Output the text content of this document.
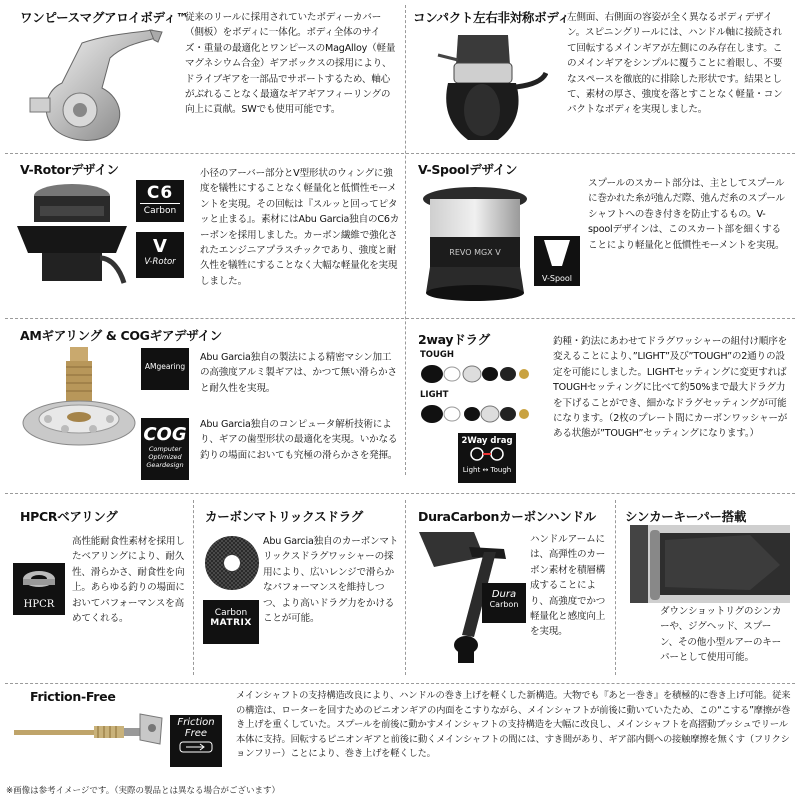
ワンピースマグアロイボディ™
従来のリールに採用されていたボディーカバー（側板）をボディに一体化。ボディ全体のサイズ・重量の最適化とワンピースのMagAlloy（軽量マグネシウム合金）ギアボックスの採用により、ドライブギアを一部品でサポートするため、軸心がぶれることなく最適なギアギアフィーリングの向上に貢献。SWでも使用可能です。
コンパクト左右非対称ボディ
左側面、右側面の容姿が全く異なるボディデザイン。スピニングリールには、ハンドル軸に接続されて回転するメインギアが左側にのみ存在します。このメインギアをシンプルに覆うことに着眼し、不要なスペースを徹底的に排除した形状です。結果として、素材の厚さ、強度を落とすことなく軽量・コンパクトなボディを実現しました。
V-Rotorデザイン
C6
Carbon
V
V-Rotor
小径のアーバー部分とV型形状のウィングに強度を犠牲にすることなく軽量化と低慣性モーメントを実現。その回転は『スルッと回ってピタッと止まる』。素材にはAbu Garcia独自のC6カーボンを採用しました。カーボン繊維で強化されたエンジニアプラスチックであり、強度と耐久性を犠牲にすることなく大幅な軽量化を実現しました。
V-Spoolデザイン
REVO MGX V
V-Spool
スプールのスカート部分は、主としてスプールに巻かれた糸が弛んだ際、弛んだ糸のスプールシャフトへの巻き付きを防止するもの。V-spoolデザインは、このスカート部を細くすることにより軽量化と低慣性モーメントを実現。
AMギアリング & COGギアデザイン
AMgearing
COG
Computer Optimized Geardesign
Abu Garcia独自の製法による精密マシン加工の高強度アルミ製ギアは、かつて無い滑らかさと耐久性を実現。
Abu Garcia独自のコンピュータ解析技術により、ギアの歯型形状の最適化を実現。いかなる釣りの場面においても究極の滑らかさを発揮。
2wayドラグ
TOUGH
LIGHT
2Way drag
Light ↔ Tough
釣種・釣法にあわせてドラグワッシャーの組付け順序を変えることにより、”LIGHT”及び”TOUGH”の2通りの設定を可能にしました。LIGHTセッティングに変更すればTOUGHセッティングに比べて約50%まで最大ドラグ力を下げることができ、細かなドラグセッティングが可能になります。（2枚のプレート間にカーボンワッシャーがある状態が”TOUGH”セッティングになります。）
HPCRベアリング
HPCR
高性能耐食性素材を採用したベアリングにより、耐久性、滑らかさ、耐食性を向上。あらゆる釣りの場面においてパフォーマンスを高めてくれる。
カーボンマトリックスドラグ
Carbon
MATRIX
Abu Garcia独自のカーボンマトリックスドラグワッシャーの採用により、広いレンジで滑らかなパフォーマンスを維持しつつ、より高いドラグ力をかけることが可能。
DuraCarbonカーボンハンドル
Dura
Carbon
ハンドルアームには、高弾性のカーボン素材を積層構成することにより、高強度でかつ軽量化と感度向上を実現。
シンカーキーパー搭載
ダウンショットリグのシンカーや、ジグヘッド、スプーン、その他小型ルアーのキーパーとして使用可能。
Friction-Free
Friction
Free
メインシャフトの支持構造改良により、ハンドルの巻き上げを軽くした新構造。大物でも『あと一巻き』を積極的に巻き上げ可能。従来の構造は、ローターを回すためのピニオンギアの内面をこすりながら、メインシャフトが前後に動いていたため、この“こする”摩擦が巻き上げを重くしていた。スプールを前後に動かすメインシャフトの支持構造を大幅に改良し、メインシャフトを高摺動ブッシュでリール本体に支持。回転するピニオンギアと前後に動くメインシャフトの間には、すき間があり、ギア部内側への接触摩擦を無くす（フリクションフリー）ことにより、巻き上げを軽くした。
※画像は参考イメージです。（実際の製品とは異なる場合がございます）
